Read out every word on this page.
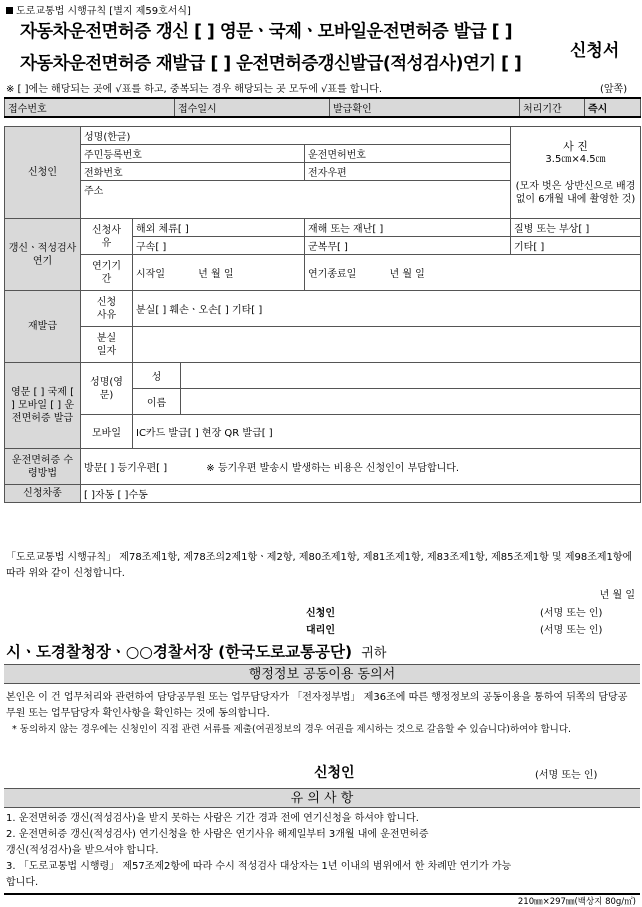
도로교통법 시행규칙 [별지 제59호서식]
자동차운전면허증 갱신 [ ] 영문ㆍ국제ㆍ모바일운전면허증 발급 [ ]
자동차운전면허증 재발급 [ ] 운전면허증갱신발급(적성검사)연기 [ ]
신청서
※ [ ]에는 해당되는 곳에 √표를 하고, 중복되는 경우 해당되는 곳 모두에 √표를 합니다.	(앞쪽)
접수번호	접수일시	발급확인	처리기간	즉시
신청인	성명(한글)				사 진
3.5㎝×4.5㎝
(모자 벗은 상반신으로 배경 없이 6개월 내에 촬영한 것)

	주민등록번호			운전면허번호	
	전화번호			전자우편	
	주소				

갱신ㆍ적성검사 연기	신청사유	해외 체류[ ]		재해 또는 재난[ ]	질병 또는 부상[ ]
		구속[ ]		군복무[ ]	기타[ ]
	연기기간	시작일 년 월 일		연기종료일 년 월 일	
재발급	신청사유	분실[ ] 훼손ㆍ오손[ ] 기타[ ]			
	분실일자				
영문 [ ] 국제 [ ] 모바일 [ ] 운전면허증 발급	성명(영문)	성			
		이름			
	모바일	IC카드 발급[ ] 현장 QR 발급[ ]			
운전면허증 수령방법	방문[ ] 등기우편[ ] ※ 등기우편 발송시 발생하는 비용은 신청인이 부담합니다.				
신청차종	[ ]자동 [ ]수동				
「도로교통법 시행규칙」 제78조제1항, 제78조의2제1항ㆍ제2항, 제80조제1항, 제81조제1항, 제83조제1항, 제85조제1항 및 제98조제1항에 따라 위와 같이 신청합니다.
년 월 일
신청인	(서명 또는 인)
대리인	(서명 또는 인)
시ㆍ도경찰청장ㆍ○○경찰서장 (한국도로교통공단) 귀하
행정정보 공동이용 동의서
본인은 이 건 업무처리와 관련하여 담당공무원 또는 업무담당자가 「전자정부법」 제36조에 따른 행정정보의 공동이용을 통하여 뒤쪽의 담당공무원 또는 업무담당자 확인사항을 확인하는 것에 동의합니다.
* 동의하지 않는 경우에는 신청인이 직접 관련 서류를 제출(여권정보의 경우 여권을 제시하는 것으로 갈음할 수 있습니다)하여야 합니다.
신청인	(서명 또는 인)
유 의 사 항
1. 운전면허증 갱신(적성검사)을 받지 못하는 사람은 기간 경과 전에 연기신청을 하셔야 합니다.
2. 운전면허증 갱신(적성검사) 연기신청을 한 사람은 연기사유 해제일부터 3개월 내에 운전면허증
갱신(적성검사)을 받으셔야 합니다.
3. 「도로교통법 시행령」 제57조제2항에 따라 수시 적성검사 대상자는 1년 이내의 범위에서 한 차례만 연기가 가능
합니다.
210㎜×297㎜(백상지 80g/㎡)
